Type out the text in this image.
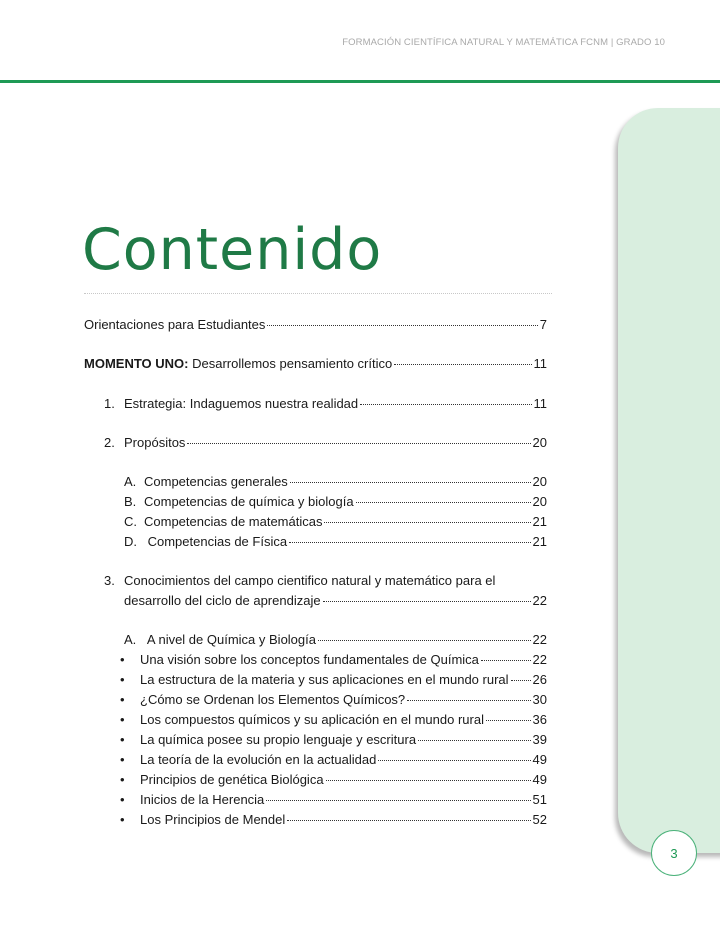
FORMACIÓN CIENTÍFICA NATURAL Y MATEMÁTICA FCNM | GRADO 10
3
Contenido
Orientaciones para Estudiantes	7
MOMENTO UNO: Desarrollemos pensamiento crítico	11
1. Estrategia: Indaguemos nuestra realidad	11
2. Propósitos	20
A. Competencias generales	20
B. Competencias de química y biología	20
C. Competencias de matemáticas	21
D. Competencias de Física	21
3. Conocimientos del campo cientifico natural y matemático para el
desarrollo del ciclo de aprendizaje	22
A. A nivel de Química y Biología	22
• Una visión sobre los conceptos fundamentales de Química	22
• La estructura de la materia y sus aplicaciones en el mundo rural 26
• ¿Cómo se Ordenan los Elementos Químicos?	30
• Los compuestos químicos y su aplicación en el mundo rural	36
• La química posee su propio lenguaje y escritura	39
• La teoría de la evolución en la actualidad	49
• Principios de genética Biológica	49
• Inicios de la Herencia	51
• Los Principios de Mendel	52
